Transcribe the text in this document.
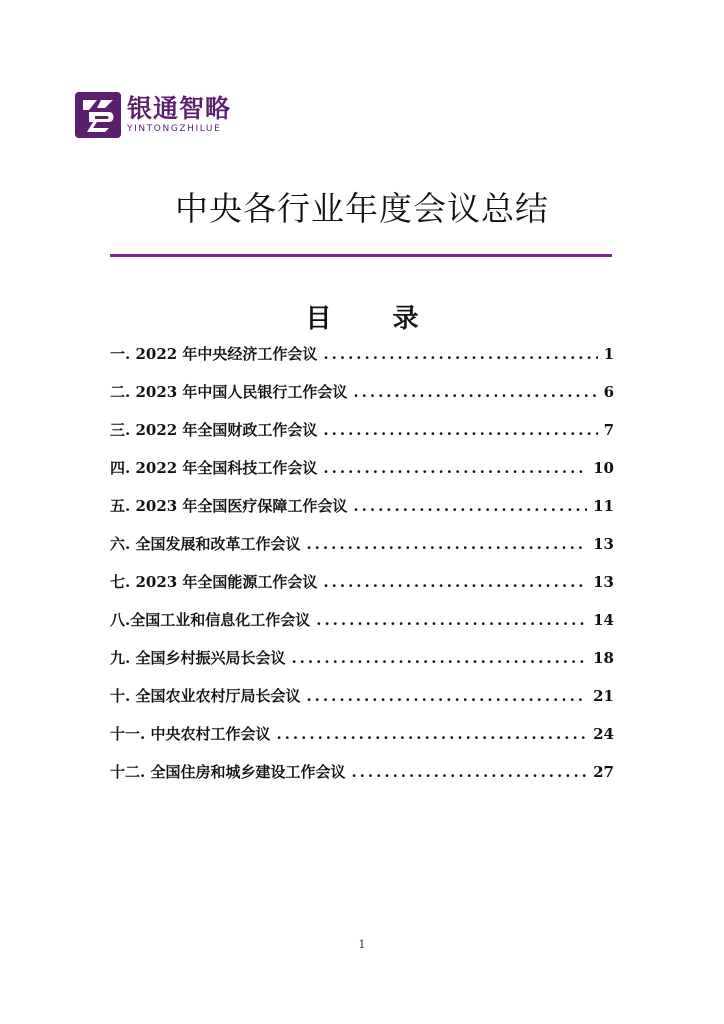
银通智略
YINTONGZHILUE
中央各行业年度会议总结
目 录
一. 2022 年中央经济工作会议 .....	1
二. 2023 年中国人民银行工作会议 .....	6
三. 2022 年全国财政工作会议 .....	7
四. 2022 年全国科技工作会议 .....	10
五. 2023 年全国医疗保障工作会议 .....	11
六. 全国发展和改革工作会议 .....	13
七. 2023 年全国能源工作会议 .....	13
八.全国工业和信息化工作会议 .....	14
九. 全国乡村振兴局长会议 .....	18
十. 全国农业农村厅局长会议 .....	21
十一. 中央农村工作会议 .....	24
十二. 全国住房和城乡建设工作会议 .....	27
1
